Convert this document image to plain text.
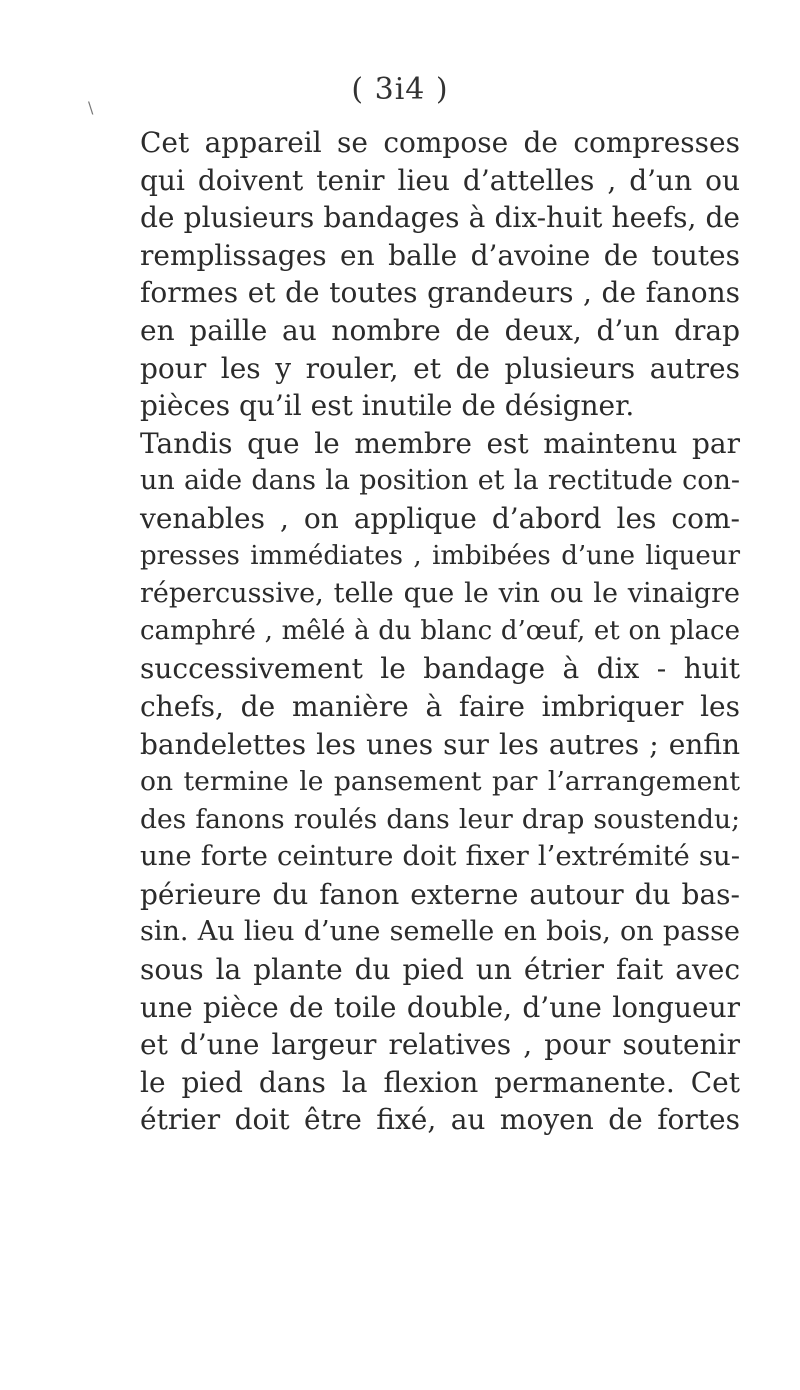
\
( 3i4 )
Cet appareil se compose de compresses
qui doivent tenir lieu d’attelles , d’un ou
de plusieurs bandages à dix-huit heefs, de
remplissages en balle d’avoine de toutes
formes et de toutes grandeurs , de fanons
en paille au nombre de deux, d’un drap
pour les y rouler, et de plusieurs autres
pièces qu’il est inutile de désigner.
Tandis que le membre est maintenu par
un aide dans la position et la rectitude con-
venables , on applique d’abord les com-
presses immédiates , imbibées d’une liqueur
répercussive, telle que le vin ou le vinaigre
camphré , mêlé à du blanc d’œuf, et on place
successivement le bandage à dix - huit
chefs, de manière à faire imbriquer les
bandelettes les unes sur les autres ; enfin
on termine le pansement par l’arrangement
des fanons roulés dans leur drap soustendu;
une forte ceinture doit fixer l’extrémité su-
périeure du fanon externe autour du bas-
sin. Au lieu d’une semelle en bois, on passe
sous la plante du pied un étrier fait avec
une pièce de toile double, d’une longueur
et d’une largeur relatives , pour soutenir
le pied dans la flexion permanente. Cet
étrier doit être fixé, au moyen de fortes
